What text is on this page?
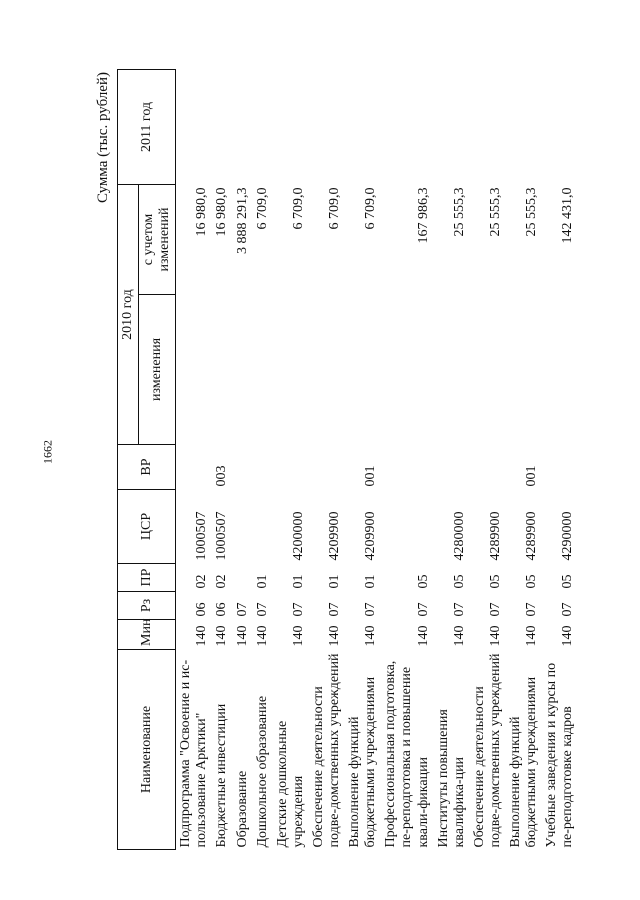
1662
Сумма (тыс. рублей)
Наименование	Мин	Рз	ПР	ЦСР	ВР	2010 год		2011 год

						изменения	с учетом изменений	

Подпрограмма "Освоение и ис-пользование Арктики"	140	06	02	1000507			16 980,0	
Бюджетные инвестиции	140	06	02	1000507	003		16 980,0	
Образование	140	07					3 888 291,3	
Дошкольное образование	140	07	01				6 709,0	
Детские дошкольные учреждения	140	07	01	4200000			6 709,0	
Обеспечение деятельности подве-домственных учреждений	140	07	01	4209900			6 709,0	
Выполнение функций бюджетными учреждениями	140	07	01	4209900	001		6 709,0	
Профессиональная подготовка, пе-реподготовка и повышение квали-фикации	140	07	05				167 986,3	
Институты повышения квалифика-ции	140	07	05	4280000			25 555,3	
Обеспечение деятельности подве-домственных учреждений	140	07	05	4289900			25 555,3	
Выполнение функций бюджетными учреждениями	140	07	05	4289900	001		25 555,3	
Учебные заведения и курсы по пе-реподготовке кадров	140	07	05	4290000			142 431,0	
